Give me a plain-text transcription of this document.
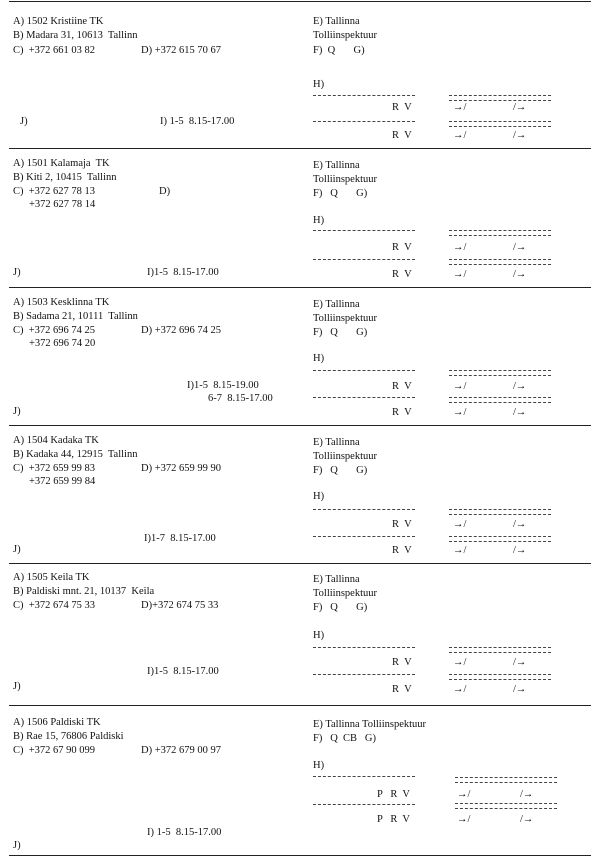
A) 1502 Kristiine TK
B) Madara 31, 10613  Tallinn
C)  +372 661 03 82	D) +372 615 70 67
J)	I) 1-5  8.15-17.00
E) Tallinna
Tolliinspektuur
F)  Q       G)
H)
R  V	→/	/→
R  V	→/	/→
A) 1501 Kalamaja  TK
B) Kiti 2, 10415  Tallinn
C)  +372 627 78 13
+372 627 78 14
D)
J)	I)1-5  8.15-17.00
E) Tallinna
Tolliinspektuur
F)   Q       G)
H)
R  V	→/	/→
R  V	→/	/→
A) 1503 Kesklinna TK
B) Sadama 21, 10111  Tallinn
C)  +372 696 74 25
+372 696 74 20
D) +372 696 74 25
I)1-5  8.15-19.00
6-7  8.15-17.00
J)
E) Tallinna
Tolliinspektuur
F)   Q       G)
H)
R  V	→/	/→
R  V	→/	/→
A) 1504 Kadaka TK
B) Kadaka 44, 12915  Tallinn
C)  +372 659 99 83
+372 659 99 84
D) +372 659 99 90
I)1-7  8.15-17.00
J)
E) Tallinna
Tolliinspektuur
F)   Q       G)
H)
R  V	→/	/→
R  V	→/	/→
A) 1505 Keila TK
B) Paldiski mnt. 21, 10137  Keila
C)  +372 674 75 33	D)+372 674 75 33
I)1-5  8.15-17.00
J)
E) Tallinna
Tolliinspektuur
F)   Q       G)
H)
R  V	→/	/→
R  V	→/	/→
A) 1506 Paldiski TK
B) Rae 15, 76806 Paldiski
C)  +372 67 90 099	D) +372 679 00 97
I) 1-5  8.15-17.00
J)
E) Tallinna Tolliinspektuur
F)   Q  CB   G)
H)
P   R  V	→/	/→
P   R  V	→/	/→
